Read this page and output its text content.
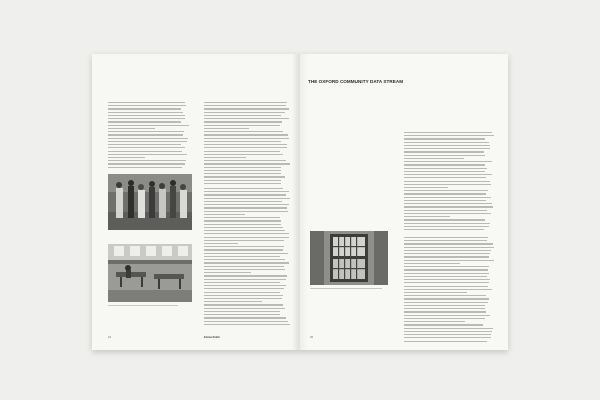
24	Emma Smith
THE OXFORD COMMUNITY DATA STREAM
25
